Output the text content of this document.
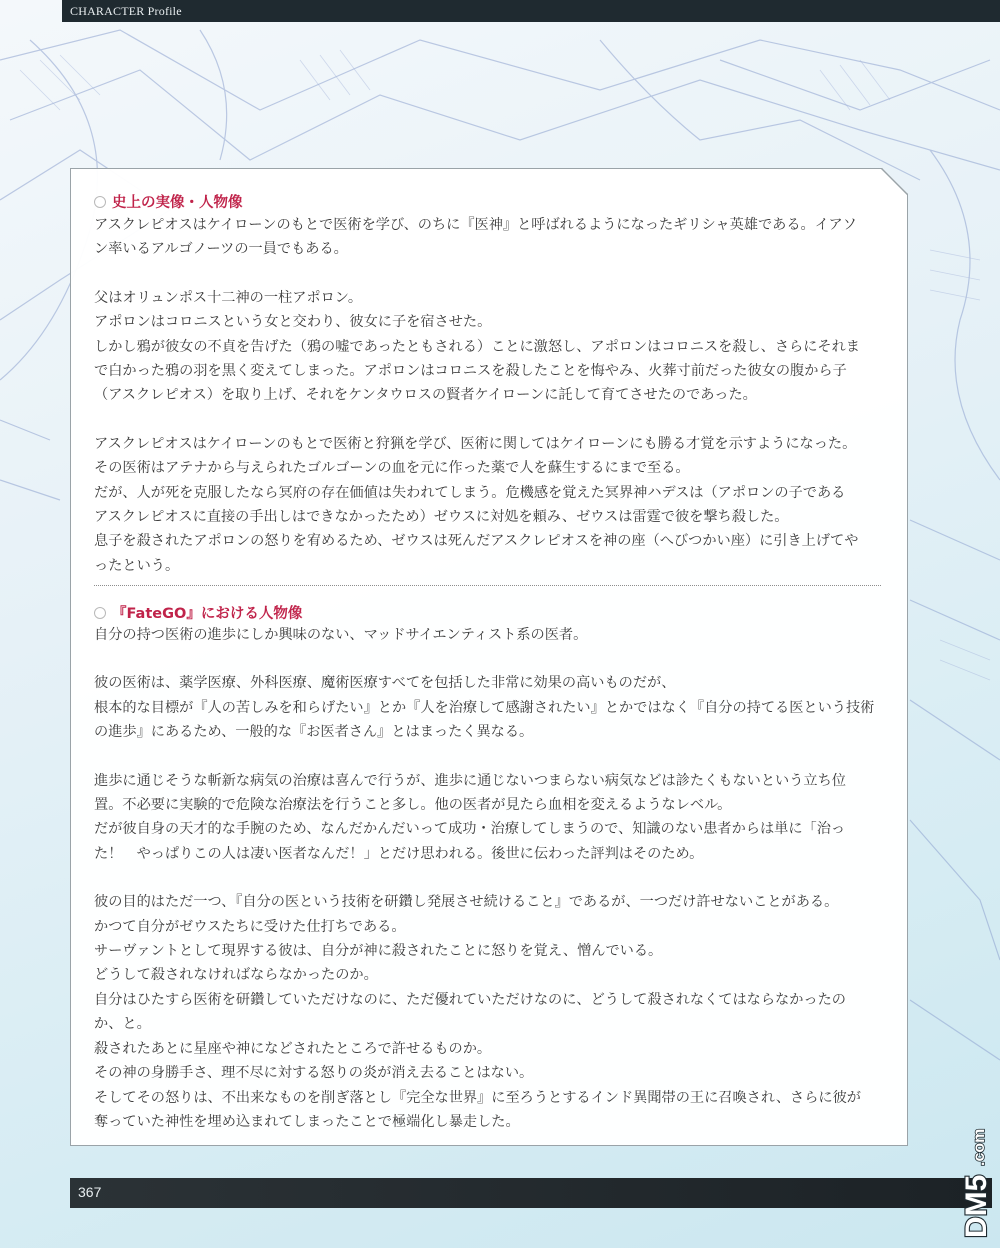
CHARACTER Profile
史上の実像・人物像

アスクレピオスはケイローンのもとで医術を学び、のちに『医神』と呼ばれるようになったギリシャ英雄である。イアソ
ン率いるアルゴノーツの一員でもある。

父はオリュンポス十二神の一柱アポロン。
アポロンはコロニスという女と交わり、彼女に子を宿させた。
しかし鴉が彼女の不貞を告げた（鴉の嘘であったともされる）ことに激怒し、アポロンはコロニスを殺し、さらにそれま
で白かった鴉の羽を黒く変えてしまった。アポロンはコロニスを殺したことを悔やみ、火葬寸前だった彼女の腹から子
（アスクレピオス）を取り上げ、それをケンタウロスの賢者ケイローンに託して育てさせたのであった。

アスクレピオスはケイローンのもとで医術と狩猟を学び、医術に関してはケイローンにも勝る才覚を示すようになった。
その医術はアテナから与えられたゴルゴーンの血を元に作った薬で人を蘇生するにまで至る。
だが、人が死を克服したなら冥府の存在価値は失われてしまう。危機感を覚えた冥界神ハデスは（アポロンの子である
アスクレピオスに直接の手出しはできなかったため）ゼウスに対処を頼み、ゼウスは雷霆で彼を撃ち殺した。
息子を殺されたアポロンの怒りを宥めるため、ゼウスは死んだアスクレピオスを神の座（へびつかい座）に引き上げてや
ったという。

『FateGO』における人物像

自分の持つ医術の進歩にしか興味のない、マッドサイエンティスト系の医者。

彼の医術は、薬学医療、外科医療、魔術医療すべてを包括した非常に効果の高いものだが、
根本的な目標が『人の苦しみを和らげたい』とか『人を治療して感謝されたい』とかではなく『自分の持てる医という技術
の進歩』にあるため、一般的な『お医者さん』とはまったく異なる。

進歩に通じそうな斬新な病気の治療は喜んで行うが、進歩に通じないつまらない病気などは診たくもないという立ち位
置。不必要に実験的で危険な治療法を行うこと多し。他の医者が見たら血相を変えるようなレベル。
だが彼自身の天才的な手腕のため、なんだかんだいって成功・治療してしまうので、知識のない患者からは単に「治っ
た！　やっぱりこの人は凄い医者なんだ！」とだけ思われる。後世に伝わった評判はそのため。

彼の目的はただ一つ、『自分の医という技術を研鑽し発展させ続けること』であるが、一つだけ許せないことがある。
かつて自分がゼウスたちに受けた仕打ちである。
サーヴァントとして現界する彼は、自分が神に殺されたことに怒りを覚え、憎んでいる。
どうして殺されなければならなかったのか。
自分はひたすら医術を研鑽していただけなのに、ただ優れていただけなのに、どうして殺されなくてはならなかったの
か、と。
殺されたあとに星座や神になどされたところで許せるものか。
その神の身勝手さ、理不尽に対する怒りの炎が消え去ることはない。
そしてその怒りは、不出来なものを削ぎ落とし『完全な世界』に至ろうとするインド異聞帯の王に召喚され、さらに彼が
奪っていた神性を埋め込まれてしまったことで極端化し暴走した。

367	DM5
.com
